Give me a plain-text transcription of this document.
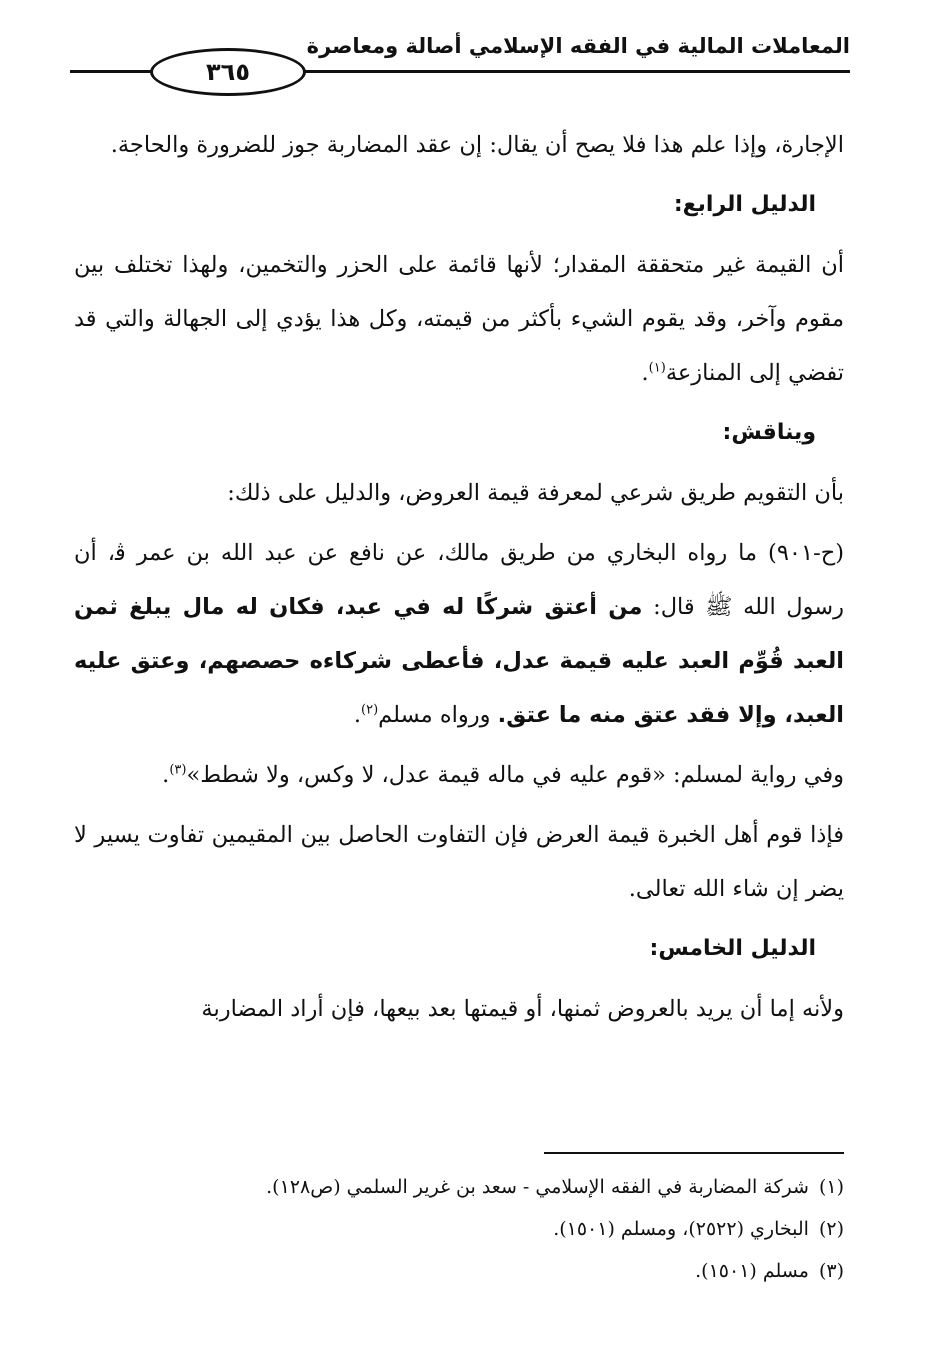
المعاملات المالية في الفقه الإسلامي أصالة ومعاصرة
٣٦٥

الإجارة، وإذا علم هذا فلا يصح أن يقال: إن عقد المضاربة جوز للضرورة والحاجة.

الدليل الرابع:

أن القيمة غير متحققة المقدار؛ لأنها قائمة على الحزر والتخمين، ولهذا تختلف بين مقوم وآخر، وقد يقوم الشيء بأكثر من قيمته، وكل هذا يؤدي إلى الجهالة والتي قد تفضي إلى المنازعة$^{(١)}$.

ويناقش:

بأن التقويم طريق شرعي لمعرفة قيمة العروض، والدليل على ذلك:

(ح-٩٠١) ما رواه البخاري من طريق مالك، عن نافع عن عبد الله بن عمر ﭬ، أن رسول الله ﷺ قال: من أعتق شركًا له في عبد، فكان له مال يبلغ ثمن العبد قُوِّم العبد عليه قيمة عدل، فأعطى شركاءه حصصهم، وعتق عليه العبد، وإلا فقد عتق منه ما عتق. ورواه مسلم$^{(٢)}$.

وفي رواية لمسلم: «قوم عليه في ماله قيمة عدل، لا وكس، ولا شطط»$^{(٣)}$.

فإذا قوم أهل الخبرة قيمة العرض فإن التفاوت الحاصل بين المقيمين تفاوت يسير لا يضر إن شاء الله تعالى.

الدليل الخامس:

ولأنه إما أن يريد بالعروض ثمنها، أو قيمتها بعد بيعها، فإن أراد المضاربة

(١)شركة المضاربة في الفقه الإسلامي - سعد بن غرير السلمي (ص١٢٨).
(٢)البخاري (٢٥٢٢)، ومسلم (١٥٠١).
(٣)مسلم (١٥٠١).
